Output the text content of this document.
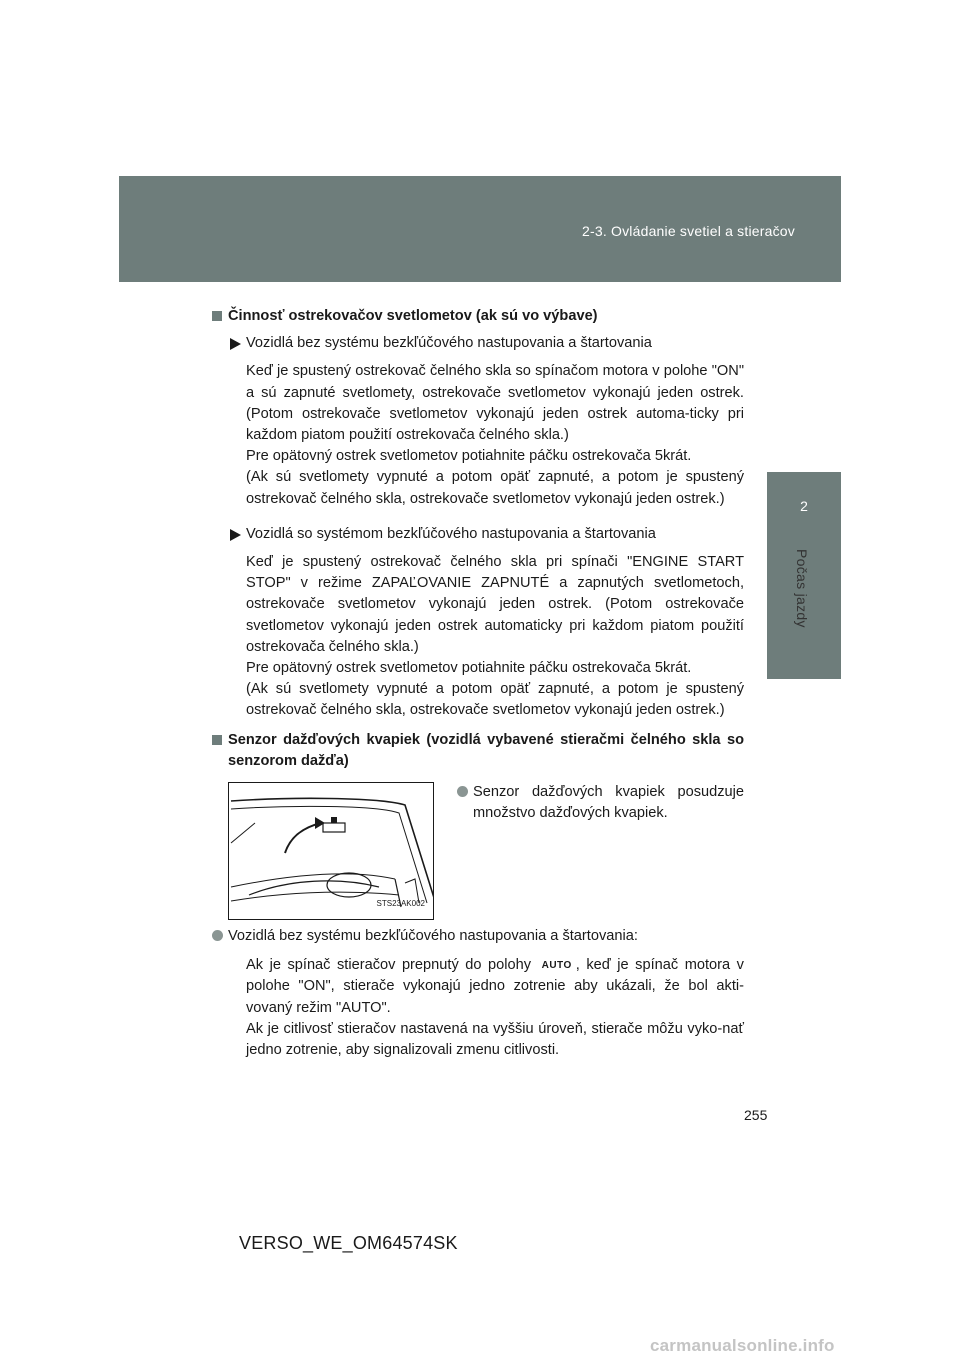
2-3. Ovládanie svetiel a stieračov
2
Počas jazdy
Činnosť ostrekovačov svetlometov (ak sú vo výbave)
Vozidlá bez systému bezkľúčového nastupovania a štartovania

Keď je spustený ostrekovač čelného skla so spínačom motora v polohe "ON" a sú zapnuté svetlomety, ostrekovače svetlometov vykonajú jeden ostrek. (Potom ostrekovače svetlometov vykonajú jeden ostrek automa-ticky pri každom piatom použití ostrekovača čelného skla.)

Pre opätovný ostrek svetlometov potiahnite páčku ostrekovača 5krát.

(Ak sú svetlomety vypnuté a potom opäť zapnuté, a potom je spustený ostrekovač čelného skla, ostrekovače svetlometov vykonajú jeden ostrek.)

Vozidlá so systémom bezkľúčového nastupovania a štartovania

Keď je spustený ostrekovač čelného skla pri spínači "ENGINE START STOP" v režime ZAPAĽOVANIE ZAPNUTÉ a zapnutých svetlometoch, ostrekovače svetlometov vykonajú jeden ostrek. (Potom ostrekovače svetlometov vykonajú jeden ostrek automaticky pri každom piatom použití ostrekovača čelného skla.)

Pre opätovný ostrek svetlometov potiahnite páčku ostrekovača 5krát.

(Ak sú svetlomety vypnuté a potom opäť zapnuté, a potom je spustený ostrekovač čelného skla, ostrekovače svetlometov vykonajú jeden ostrek.)

Senzor dažďových kvapiek (vozidlá vybavené stieračmi čelného skla so senzorom dažďa)
STS23AK002
Senzor dažďových kvapiek posudzuje množstvo dažďových kvapiek.
Vozidlá bez systému bezkľúčového nastupovania a štartovania:

Ak je spínač stieračov prepnutý do polohy AUTO , keď je spínač motora v polohe "ON", stierače vykonajú jedno zotrenie aby ukázali, že bol akti-vovaný režim "AUTO".

Ak je citlivosť stieračov nastavená na vyššiu úroveň, stierače môžu vyko-nať jedno zotrenie, aby signalizovali zmenu citlivosti.

255
VERSO_WE_OM64574SK
carmanualsonline.info
